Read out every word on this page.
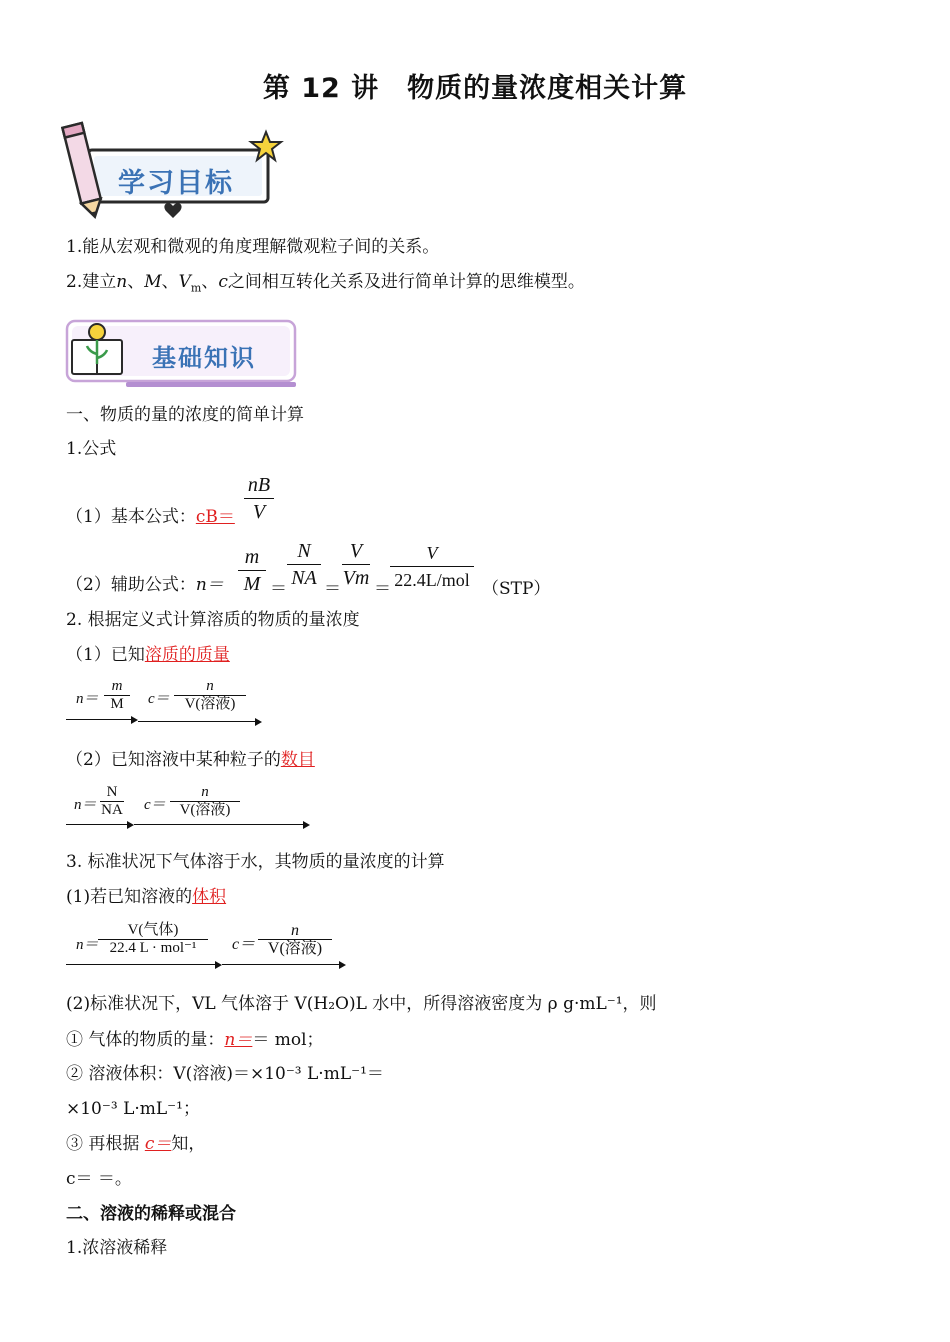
第 12 讲　物质的量浓度相关计算
学习目标
1.能从宏观和微观的角度理解微观粒子间的关系。
2.建立n、M、$V_m$、c之间相互转化关系及进行简单计算的思维模型。
基础知识
一、物质的量的浓度的简单计算
1.公式
（1）基本公式：cB＝
nB
V
（2）辅助公式：n＝
m
M ＝
N
NA ＝
V
Vm ＝
V
22.4L/mol （STP）
2. 根据定义式计算溶质的物质的量浓度
（1）已知溶质的质量
$n= \frac{m}{M} c=$
n
V(溶液)
（2）已知溶液中某种粒子的数目
$n= \frac{N}{NA} c=$
n
V(溶液)
3. 标准状况下气体溶于水，其物质的量浓度的计算
(1)若已知溶液的体积
n＝
V(气体)
22.4 L · mol⁻¹	c＝
n
V(溶液)
(2)标准状况下，VL 气体溶于 V(H₂O)L 水中，所得溶液密度为 ρ g·mL⁻¹，则
① 气体的物质的量：n＝＝ mol；
② 溶液体积：V(溶液)＝×10⁻³ L·mL⁻¹＝
×10⁻³ L·mL⁻¹；
③ 再根据 c＝知，
c＝ ＝。
二、溶液的稀释或混合
1.浓溶液稀释
